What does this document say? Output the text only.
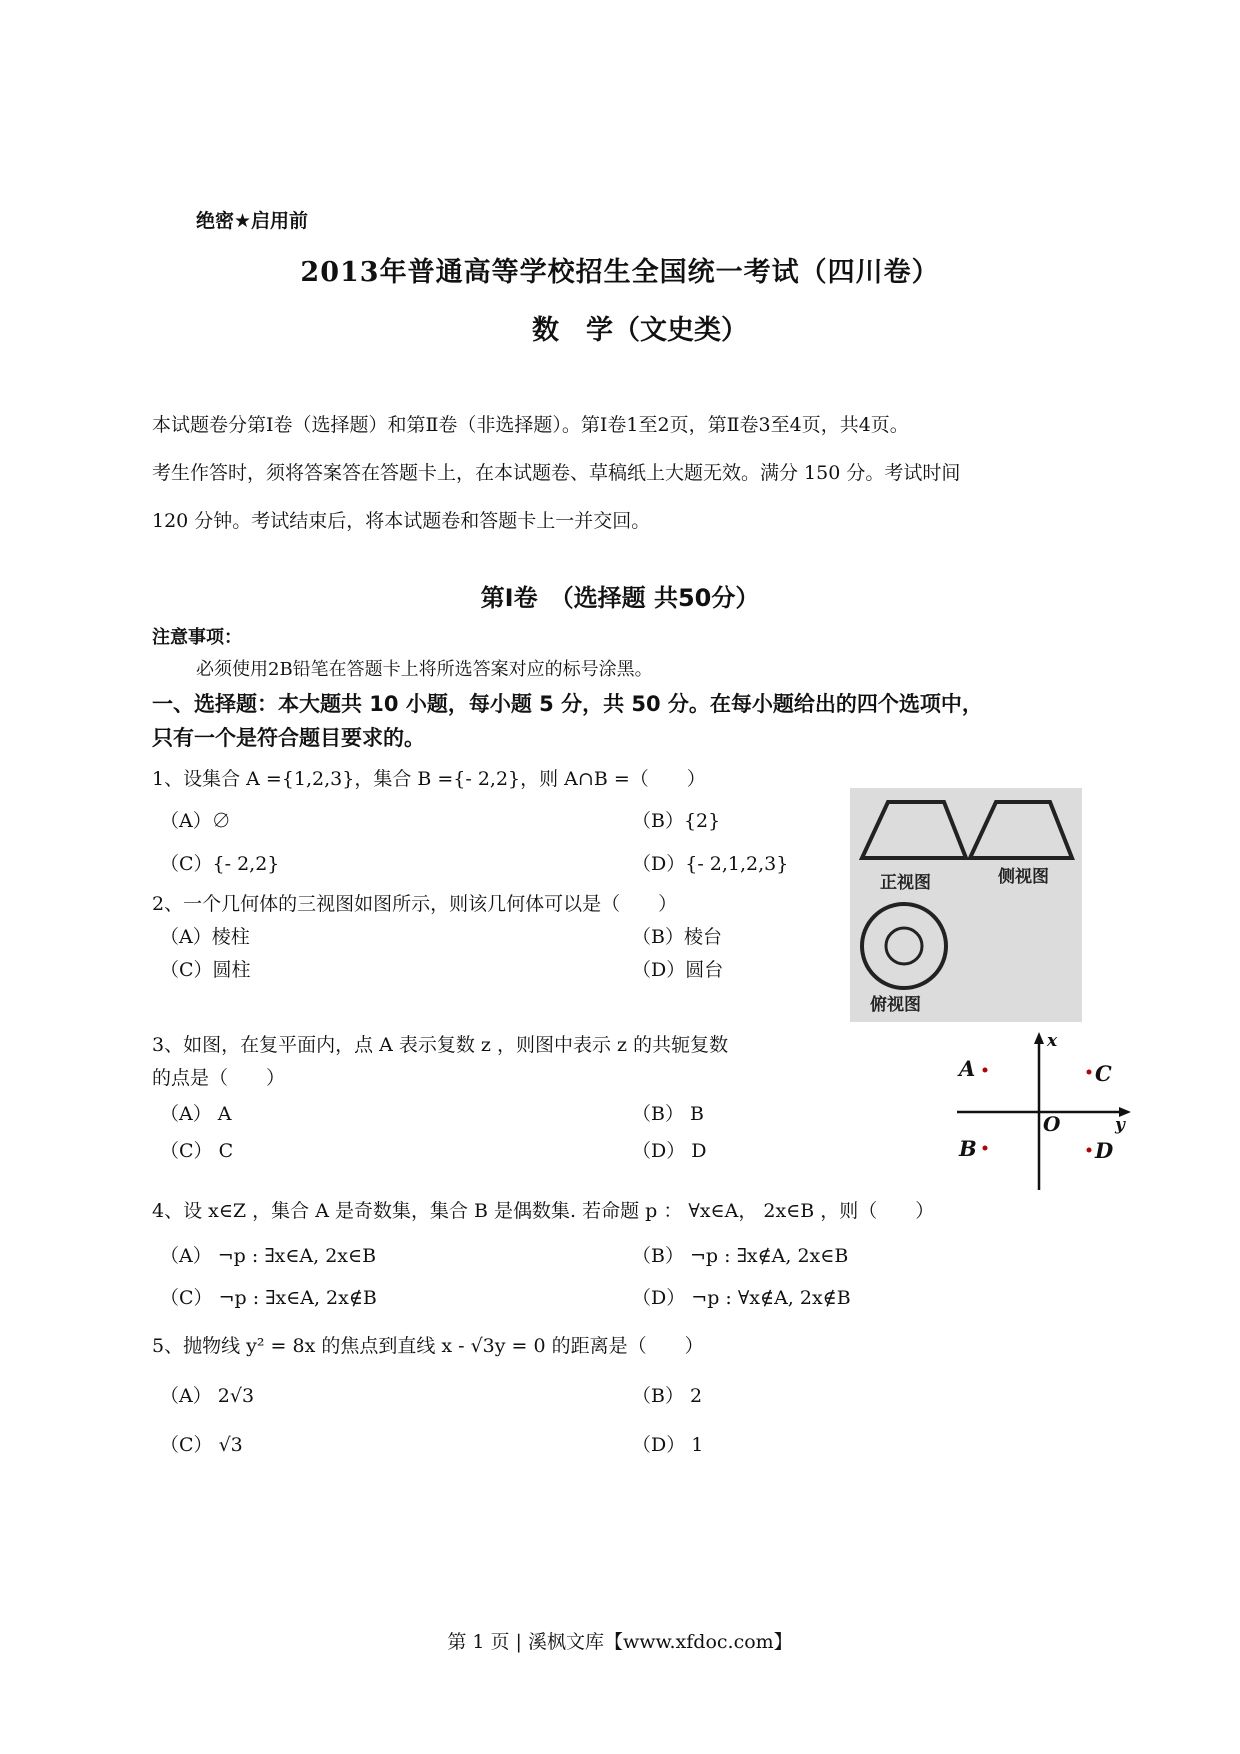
绝密★启用前
2013年普通高等学校招生全国统一考试（四川卷）
数　学（文史类）
本试题卷分第Ⅰ卷（选择题）和第Ⅱ卷（非选择题）。第Ⅰ卷1至2页，第Ⅱ卷3至4页，共4页。
考生作答时，须将答案答在答题卡上，在本试题卷、草稿纸上大题无效。满分 150 分。考试时间
120 分钟。考试结束后，将本试题卷和答题卡上一并交回。
第Ⅰ卷　（选择题 共50分）
注意事项：
必须使用2B铅笔在答题卡上将所选答案对应的标号涂黑。
一、选择题：本大题共 10 小题，每小题 5 分，共 50 分。在每小题给出的四个选项中，
只有一个是符合题目要求的。
1、设集合 A ={1,2,3}，集合 B ={- 2,2}，则 A∩B =（　　）
（A）∅	（B）{2}
（C）{- 2,2}	（D）{- 2,1,2,3}
2、一个几何体的三视图如图所示，则该几何体可以是（　　）
（A）棱柱	（B）棱台
（C）圆柱	（D）圆台
正视图	侧视图
俯视图
3、如图，在复平面内，点 A 表示复数 z ，则图中表示 z 的共轭复数
的点是（　　）
（A） A	（B） B
（C） C	（D） D
x
y
O
A
B
C
D
4、设 x∈Z ，集合 A 是奇数集，集合 B 是偶数集. 若命题 p ： ∀x∈A， 2x∈B ，则（　　）
（A） ¬p : ∃x∈A, 2x∈B	（B） ¬p : ∃x∉A, 2x∈B
（C） ¬p : ∃x∈A, 2x∉B	（D） ¬p : ∀x∉A, 2x∉B
5、抛物线 y² = 8x 的焦点到直线 x - √3y = 0 的距离是（　　）
（A） 2√3	（B） 2
（C） √3	（D） 1
第 1 页 | 溪枫文库【www.xfdoc.com】
